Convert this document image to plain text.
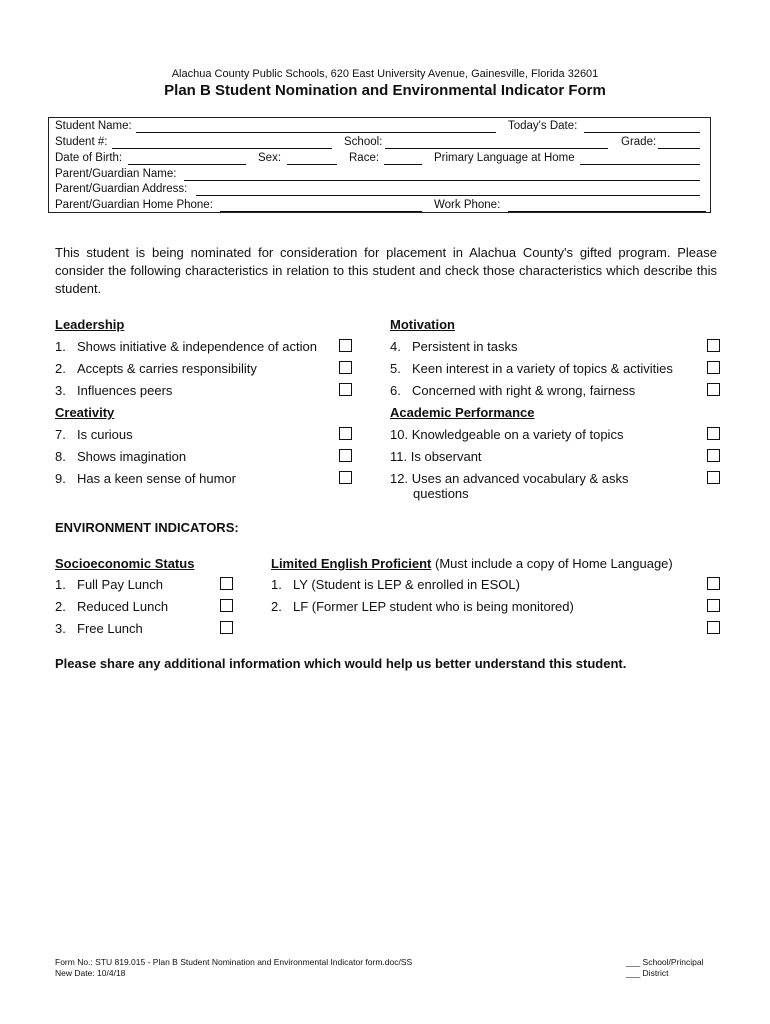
Alachua County Public Schools, 620 East University Avenue, Gainesville, Florida 32601
Plan B Student Nomination and Environmental Indicator Form
Student Name:	Today's Date:
Student #:	School:	Grade:
Date of Birth:	Sex:	Race:	Primary Language at Home
Parent/Guardian Name:
Parent/Guardian Address:
Parent/Guardian Home Phone:	Work Phone:
This student is being nominated for consideration for placement in Alachua County's gifted program. Please consider the following characteristics in relation to this student and check those characteristics which describe this student.
Leadership
1. Shows initiative & independence of action
2. Accepts & carries responsibility
3. Influences peers
Creativity
7. Is curious
8. Shows imagination
9. Has a keen sense of humor
Motivation
4. Persistent in tasks
5. Keen interest in a variety of topics & activities
6. Concerned with right & wrong, fairness
Academic Performance
10. Knowledgeable on a variety of topics
11. Is observant
12. Uses an advanced vocabulary & asks
questions
ENVIRONMENT INDICATORS:
Socioeconomic Status
1. Full Pay Lunch
2. Reduced Lunch
3. Free Lunch
Limited English Proficient (Must include a copy of Home Language)
1. LY (Student is LEP & enrolled in ESOL)
2. LF (Former LEP student who is being monitored)
Please share any additional information which would help us better understand this student.
Form No.: STU 819.015 - Plan B Student Nomination and Environmental Indicator form.doc/SS
New Date: 10/4/18
___ School/Principal
___ District
